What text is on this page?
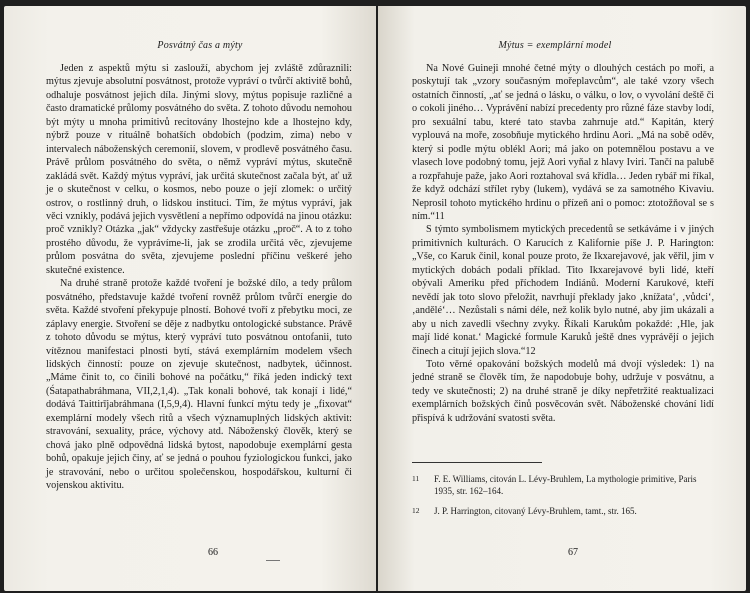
Posvátný čas a mýty

Jeden z aspektů mýtu si zaslouží, abychom jej zvláště zdůraznili: mýtus zjevuje absolutní posvátnost, protože vypráví o tvůrčí aktivitě bohů, odhaluje posvátnost jejich díla. Jinými slovy, mýtus popisuje različné a často dramatické průlomy posvátného do světa. Z tohoto důvodu nemohou být mýty u mnoha primitivů recitovány lhostejno kde a lhostejno kdy, nýbrž pouze v rituálně bohatších obdobích (podzim, zima) nebo v intervalech náboženských ceremonií, slovem, v prodlevě posvátného času. Právě průlom posvátného do světa, o němž vypráví mýtus, skutečně zakládá svět. Každý mýtus vypráví, jak určitá skutečnost začala být, ať už je o skutečnost v celku, o kosmos, nebo pouze o její zlomek: o určitý ostrov, o rostlinný druh, o lidskou instituci. Tím, že mýtus vypráví, jak věci vznikly, podává jejich vysvětlení a nepřímo odpovídá na jinou otázku: proč vznikly? Otázka „jak“ vždycky zastřešuje otázku „proč“. A to z toho prostého důvodu, že vyprávíme-li, jak se zrodila určitá věc, zjevujeme průlom posvátna do světa, zjevujeme poslední příčinu veškeré jeho skutečné existence.

Na druhé straně protože každé tvoření je božské dílo, a tedy průlom posvátného, představuje každé tvoření rovněž průlom tvůrčí energie do světa. Každé stvoření překypuje plností. Bohové tvoří z přebytku moci, ze záplavy energie. Stvoření se děje z nadbytku ontologické substance. Právě z tohoto důvodu se mýtus, který vypráví tuto posvátnou ontofanii, tuto vítěznou manifestaci plnosti bytí, stává exemplárním modelem všech lidských činností: pouze on zjevuje skutečnost, nadbytek, účinnost. „Máme činit to, co činili bohové na počátku,“ říká jeden indický text (Śatapathabráhmana, VII,2,1,4). „Tak konali bohové, tak konají i lidé,“ dodává Taittirījabráhmana (I,5,9,4). Hlavní funkcí mýtu tedy je „fixovat“ exemplární modely všech ritů a všech významuplných lidských aktivit: stravování, sexuality, práce, výchovy atd. Náboženský člověk, který se chová jako plně odpovědná lidská bytost, napodobuje exemplární gesta bohů, opakuje jejich činy, ať se jedná o pouhou fyziologickou funkci, jako je stravování, nebo o určitou společenskou, hospodářskou, kulturní či vojenskou aktivitu.

66
Mýtus = exemplární model

Na Nové Guineji mnohé četné mýty o dlouhých cestách po moři, a poskytují tak „vzory současným mořeplavcům“, ale také vzory všech ostatních činností, „ať se jedná o lásku, o válku, o lov, o vyvolání deště či o cokoli jiného… Vyprávění nabízí precedenty pro různé fáze stavby lodí, pro sexuální tabu, které tato stavba zahrnuje atd.“ Kapitán, který vyplouvá na moře, zosobňuje mytického hrdinu Aori. „Má na sobě oděv, který si podle mýtu oblékl Aori; má jako on potemnělou postavu a ve vlasech love podobný tomu, jejž Aori vyňal z hlavy Iviri. Tančí na palubě a rozpřahuje paže, jako Aori roztahoval svá křídla… Jeden rybář mi říkal, že když odchází střílet ryby (lukem), vydává se za samotného Kivaviu. Neprosil tohoto mytického hrdinu o přízeň ani o pomoc: ztotožňoval se s ním.“11

S týmto symbolismem mytických precedentů se setkáváme i v jiných primitivních kulturách. O Karucích z Kalifornie píše J. P. Harington: „Vše, co Karuk činil, konal pouze proto, že Ikxarejavové, jak věřil, jim v mytických dobách podali příklad. Tito Ikxarejavové byli lidé, kteří obývali Ameriku před příchodem Indiánů. Moderní Karukové, kteří nevědí jak toto slovo přeložit, navrhují překlady jako ‚knížata‘, ‚vůdci‘, ‚andělé‘… Nezůstali s námi déle, než kolik bylo nutné, aby jim ukázali a aby u nich zavedli všechny zvyky. Říkali Karukům pokaždé: ‚Hle, jak mají lidé konat.‘ Magické formule Karuků ještě dnes vyprávějí o jejich činech a citují jejich slova.“12

Toto věrné opakování božských modelů má dvojí výsledek: 1) na jedné straně se člověk tím, že napodobuje bohy, udržuje v posvátnu, a tedy ve skutečnosti; 2) na druhé straně je díky nepřetržité reaktualizaci exemplárních božských činů posvěcován svět. Náboženské chování lidí přispívá k udržování svatosti světa.

11 F. E. Williams, citován L. Lévy-Bruhlem, La mythologie primitive, Paris 1935, str. 162–164.
12 J. P. Harrington, citovaný Lévy-Bruhlem, tamt., str. 165.
67
